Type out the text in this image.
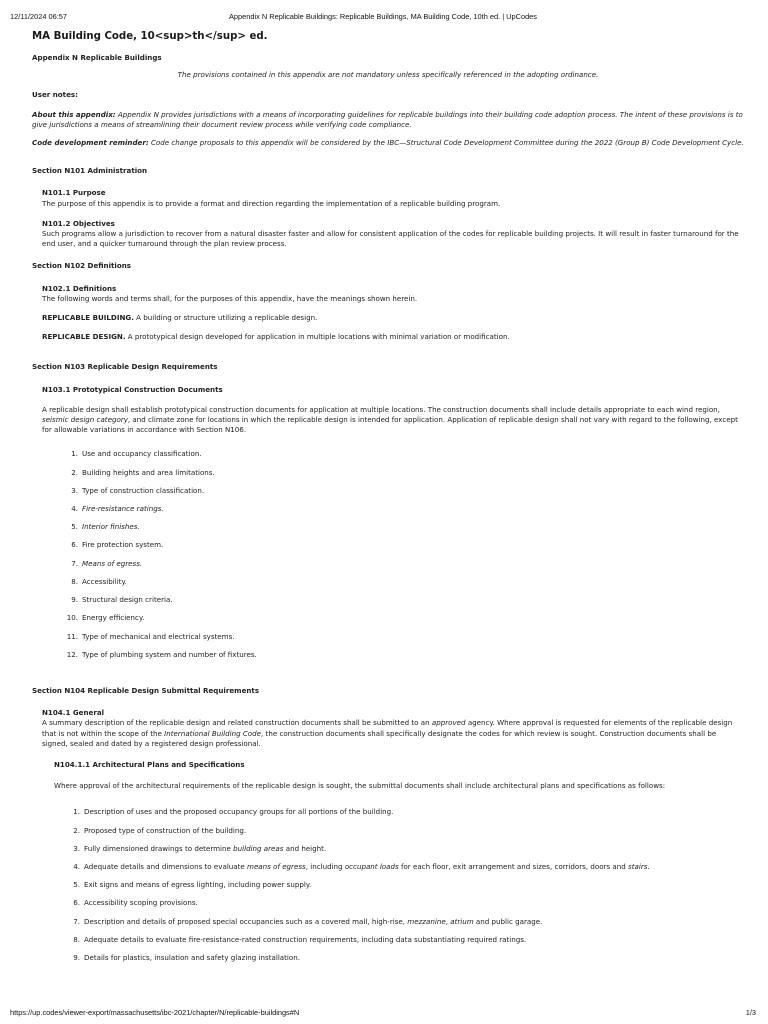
12/11/2024 06:57	Appendix N Replicable Buildings: Replicable Buildings, MA Building Code, 10th ed. | UpCodes
MA Building Code, 10<sup>th</sup> ed.
Appendix N Replicable Buildings
The provisions contained in this appendix are not mandatory unless specifically referenced in the adopting ordinance.
User notes:
About this appendix: Appendix N provides jurisdictions with a means of incorporating guidelines for replicable buildings into their building code adoption process. The intent of these provisions is to give jurisdictions a means of streamlining their document review process while verifying code compliance.
Code development reminder: Code change proposals to this appendix will be considered by the IBC—Structural Code Development Committee during the 2022 (Group B) Code Development Cycle.
Section N101 Administration
N101.1 Purpose

The purpose of this appendix is to provide a format and direction regarding the implementation of a replicable building program.

N101.2 Objectives

Such programs allow a jurisdiction to recover from a natural disaster faster and allow for consistent application of the codes for replicable building projects. It will result in faster turnaround for the end user, and a quicker turnaround through the plan review process.

Section N102 Definitions
N102.1 Definitions

The following words and terms shall, for the purposes of this appendix, have the meanings shown herein.

REPLICABLE BUILDING. A building or structure utilizing a replicable design.

REPLICABLE DESIGN. A prototypical design developed for application in multiple locations with minimal variation or modification.

Section N103 Replicable Design Requirements
N103.1 Prototypical Construction Documents

A replicable design shall establish prototypical construction documents for application at multiple locations. The construction documents shall include details appropriate to each wind region, seismic design category, and climate zone for locations in which the replicable design is intended for application. Application of replicable design shall not vary with regard to the following, except for allowable variations in accordance with Section N106.

1. Use and occupancy classification.
2. Building heights and area limitations.
3. Type of construction classification.
4. Fire-resistance ratings.
5. Interior finishes.
6. Fire protection system.
7. Means of egress.
8. Accessibility.
9. Structural design criteria.
10. Energy efficiency.
11. Type of mechanical and electrical systems.
12. Type of plumbing system and number of fixtures.
Section N104 Replicable Design Submittal Requirements
N104.1 General

A summary description of the replicable design and related construction documents shall be submitted to an approved agency. Where approval is requested for elements of the replicable design that is not within the scope of the International Building Code, the construction documents shall specifically designate the codes for which review is sought. Construction documents shall be signed, sealed and dated by a registered design professional.

N104.1.1 Architectural Plans and Specifications

Where approval of the architectural requirements of the replicable design is sought, the submittal documents shall include architectural plans and specifications as follows:

1. Description of uses and the proposed occupancy groups for all portions of the building.
2. Proposed type of construction of the building.
3. Fully dimensioned drawings to determine building areas and height.
4. Adequate details and dimensions to evaluate means of egress, including occupant loads for each floor, exit arrangement and sizes, corridors, doors and stairs.
5. Exit signs and means of egress lighting, including power supply.
6. Accessibility scoping provisions.
7. Description and details of proposed special occupancies such as a covered mall, high-rise, mezzanine, atrium and public garage.
8. Adequate details to evaluate fire-resistance-rated construction requirements, including data substantiating required ratings.
9. Details for plastics, insulation and safety glazing installation.
https://up.codes/viewer-export/massachusetts/ibc-2021/chapter/N/replicable-buildings#N	1/3
